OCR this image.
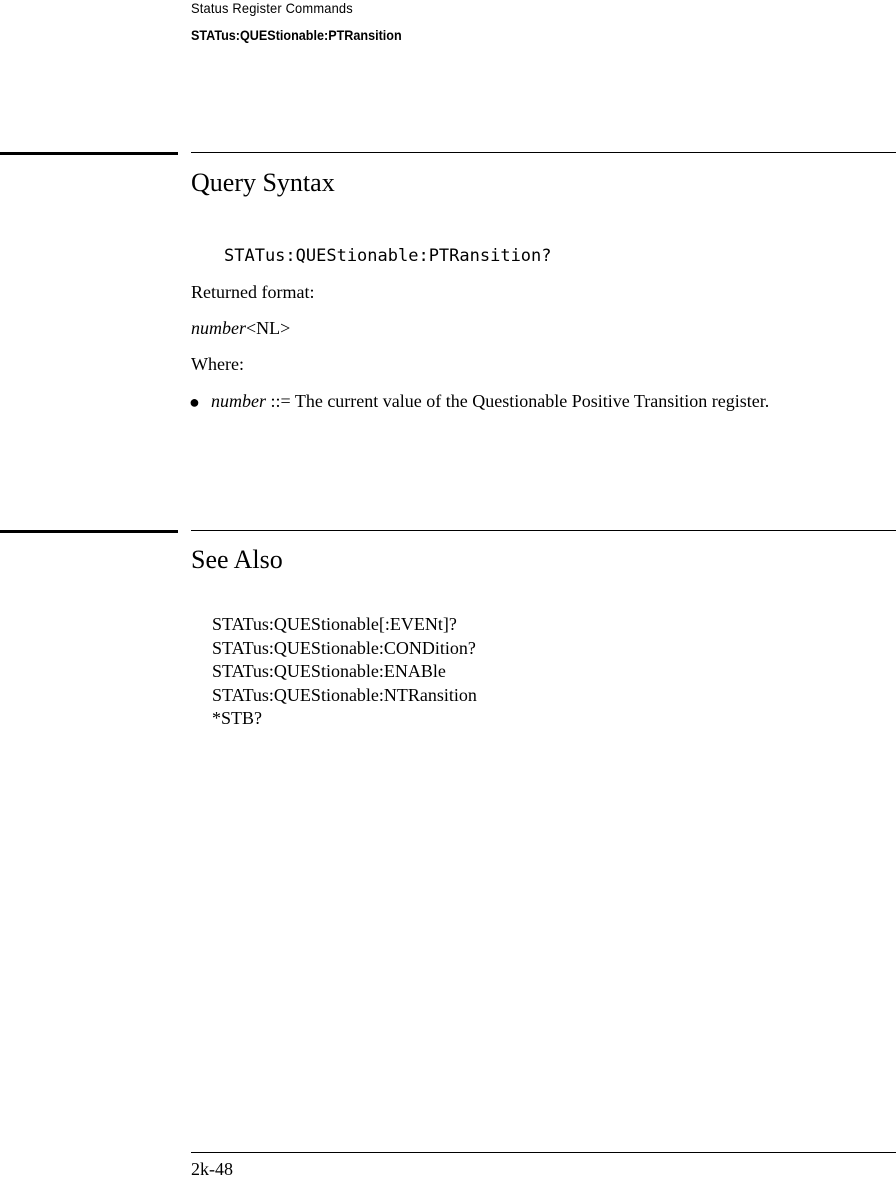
Status Register Commands
STATus:QUEStionable:PTRansition
Query Syntax
STATus:QUEStionable:PTRansition?
Returned format:
number<NL>
Where:
● number ::= The current value of the Questionable Positive Transition register.
See Also
STATus:QUEStionable[:EVENt]?
STATus:QUEStionable:CONDition?
STATus:QUEStionable:ENABle
STATus:QUEStionable:NTRansition
*STB?
2k-48
